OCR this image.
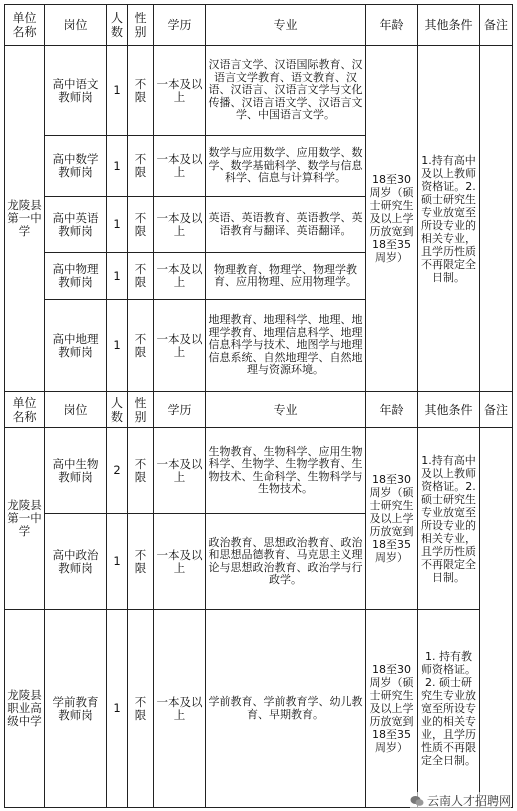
单位名称	岗位	人数	性别	学历	专业	年龄	其他条件	备注
龙陵县第一中学	高中语文教师岗	1	不限	一本及以上	汉语言文学、汉语国际教育、汉语言文学教育、语文教育、汉语、汉语言、汉语言文学与文化传播、汉语言语文学、汉语言文学、中国语言文学。	18至30周岁（硕士研究生及以上学历放宽到18至35周岁）	1.持有高中及以上教师资格证。2.硕士研究生专业放宽至所设专业的相关专业，且学历性质不再限定全日制。	
	高中数学教师岗	1	不限	一本及以上	数学与应用数学、应用数学、数学、数学基础科学、数学与信息科学、信息与计算科学。			
	高中英语教师岗	1	不限	一本及以上	英语、英语教育、英语教学、英语教育与翻译、英语翻译。			
	高中物理教师岗	1	不限	一本及以上	物理教育、物理学、物理学教育、应用物理、应用物理学。			
	高中地理教师岗	1	不限	一本及以上	地理教育、地理科学、地理、地理学教育、地理信息科学、地理信息科学与技术、地图学与地理信息系统、自然地理学、自然地理与资源环境。			
单位名称	岗位	人数	性别	学历	专业	年龄	其他条件	备注
龙陵县第一中学	高中生物教师岗	2	不限	一本及以上	生物教育、生物科学、应用生物科学、生物学、生物学教育、生物技术、生命科学、生物科学与生物技术。	18至30周岁（硕士研究生及以上学历放宽到18至35周岁）	1.持有高中及以上教师资格证。2.硕士研究生专业放宽至所设专业的相关专业，且学历性质不再限定全日制。	
	高中政治教师岗	1	不限	一本及以上	政治教育、思想政治教育、政治和思想品德教育、马克思主义理论与思想政治教育、政治学与行政学。			
龙陵县职业高级中学	学前教育教师岗	1	不限	一本及以上	学前教育、学前教育学、幼儿教育、早期教育。	18至30周岁（硕士研究生及以上学历放宽到18至35周岁）	1. 持有教师资格证。2. 硕士研究生专业放宽至所设专业的相关专业，且学历性质不再限定全日制。	
云南人才招聘网
